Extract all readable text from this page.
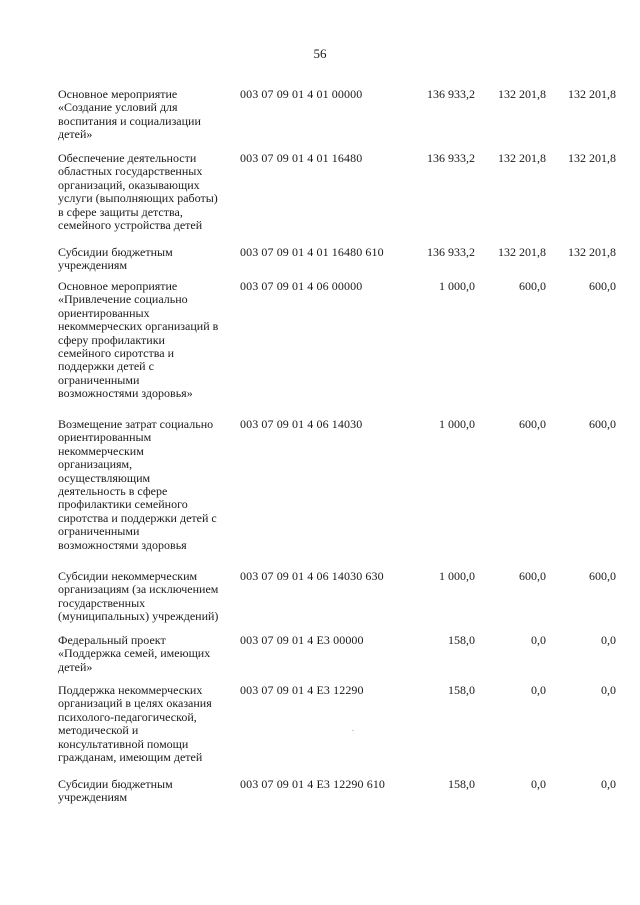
56
Основное мероприятие
«Создание условий для
воспитания и социализации
детей»
003 07 09 01 4 01 00000	136 933,2	132 201,8	132 201,8
Обеспечение деятельности
областных государственных
организаций, оказывающих
услуги (выполняющих работы)
в сфере защиты детства,
семейного устройства детей
003 07 09 01 4 01 16480	136 933,2	132 201,8	132 201,8
Субсидии бюджетным
учреждениям
003 07 09 01 4 01 16480 610	136 933,2	132 201,8	132 201,8
Основное мероприятие
«Привлечение социально
ориентированных
некоммерческих организаций в
сферу профилактики
семейного сиротства и
поддержки детей с
ограниченными
возможностями здоровья»
003 07 09 01 4 06 00000	1 000,0	600,0	600,0
Возмещение затрат социально
ориентированным
некоммерческим
организациям,
осуществляющим
деятельность в сфере
профилактики семейного
сиротства и поддержки детей с
ограниченными
возможностями здоровья
003 07 09 01 4 06 14030	1 000,0	600,0	600,0
Субсидии некоммерческим
организациям (за исключением
государственных
(муниципальных) учреждений)
003 07 09 01 4 06 14030 630	1 000,0	600,0	600,0
Федеральный проект
«Поддержка семей, имеющих
детей»
003 07 09 01 4 E3 00000	158,0	0,0	0,0
Поддержка некоммерческих
организаций в целях оказания
психолого-педагогической,
методической и
консультативной помощи
гражданам, имеющим детей
003 07 09 01 4 E3 12290	158,0	0,0	0,0
Субсидии бюджетным
учреждениям
003 07 09 01 4 E3 12290 610	158,0	0,0	0,0
